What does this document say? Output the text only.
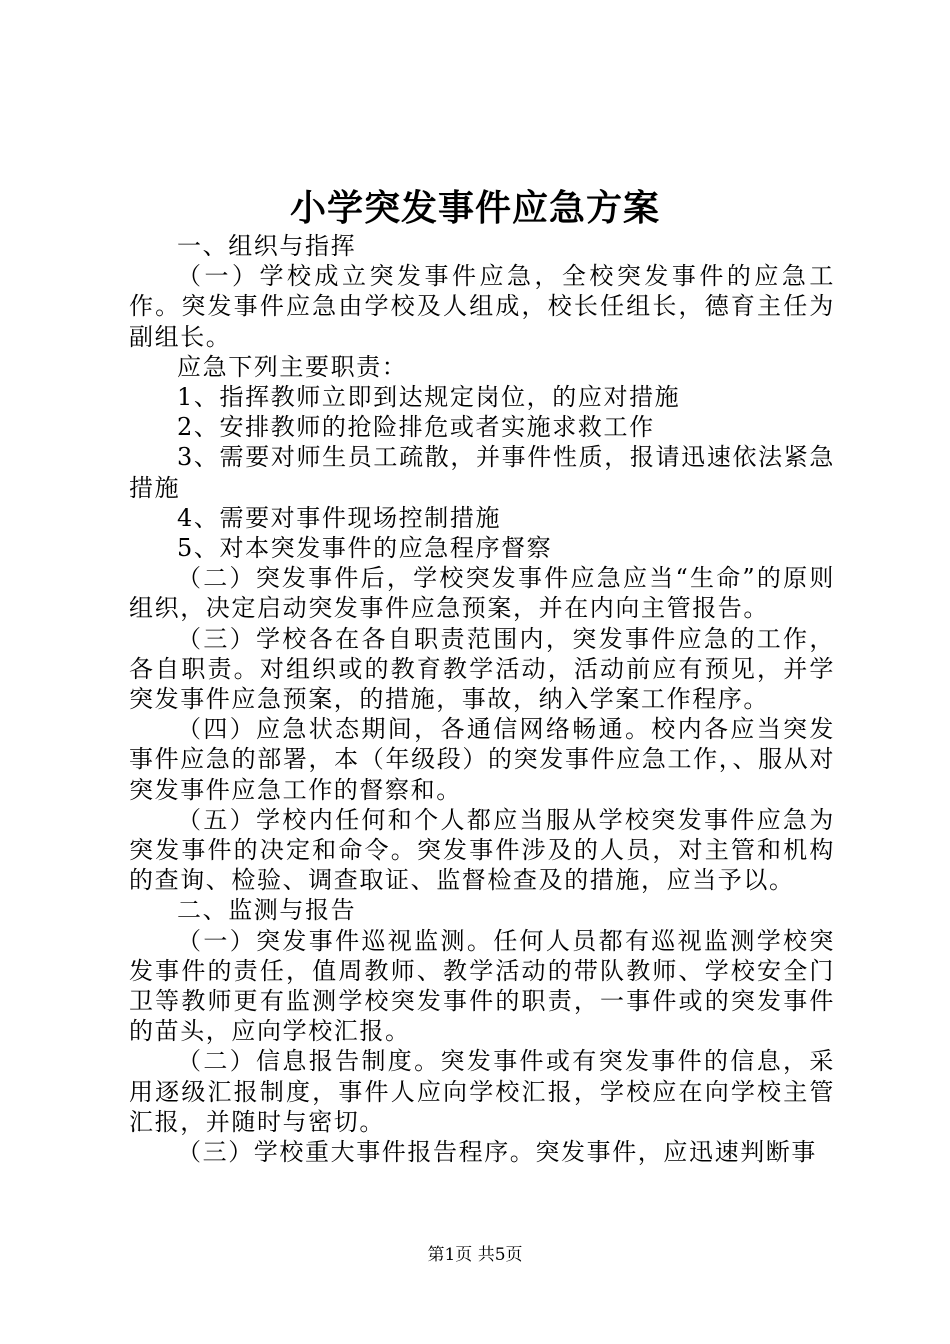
小学突发事件应急方案

一、组织与指挥

（一）学校成立突发事件应急，全校突发事件的应急工作。突发事件应急由学校及人组成，校长任组长，德育主任为副组长。

应急下列主要职责：

1、指挥教师立即到达规定岗位，的应对措施

2、安排教师的抢险排危或者实施求救工作

3、需要对师生员工疏散，并事件性质，报请迅速依法紧急措施

4、需要对事件现场控制措施

5、对本突发事件的应急程序督察

（二）突发事件后，学校突发事件应急应当“生命”的原则组织，决定启动突发事件应急预案，并在内向主管报告。

（三）学校各在各自职责范围内，突发事件应急的工作，各自职责。对组织或的教育教学活动，活动前应有预见，并学突发事件应急预案，的措施，事故，纳入学案工作程序。

（四）应急状态期间，各通信网络畅通。校内各应当突发事件应急的部署，本（年级段）的突发事件应急工作，、服从对突发事件应急工作的督察和。

（五）学校内任何和个人都应当服从学校突发事件应急为突发事件的决定和命令。突发事件涉及的人员，对主管和机构的查询、检验、调查取证、监督检查及的措施，应当予以。

二、监测与报告

（一）突发事件巡视监测。任何人员都有巡视监测学校突发事件的责任，值周教师、教学活动的带队教师、学校安全门卫等教师更有监测学校突发事件的职责，一事件或的突发事件的苗头，应向学校汇报。

（二）信息报告制度。突发事件或有突发事件的信息，采用逐级汇报制度，事件人应向学校汇报，学校应在向学校主管汇报，并随时与密切。

（三）学校重大事件报告程序。突发事件，应迅速判断事

第1页 共5页
